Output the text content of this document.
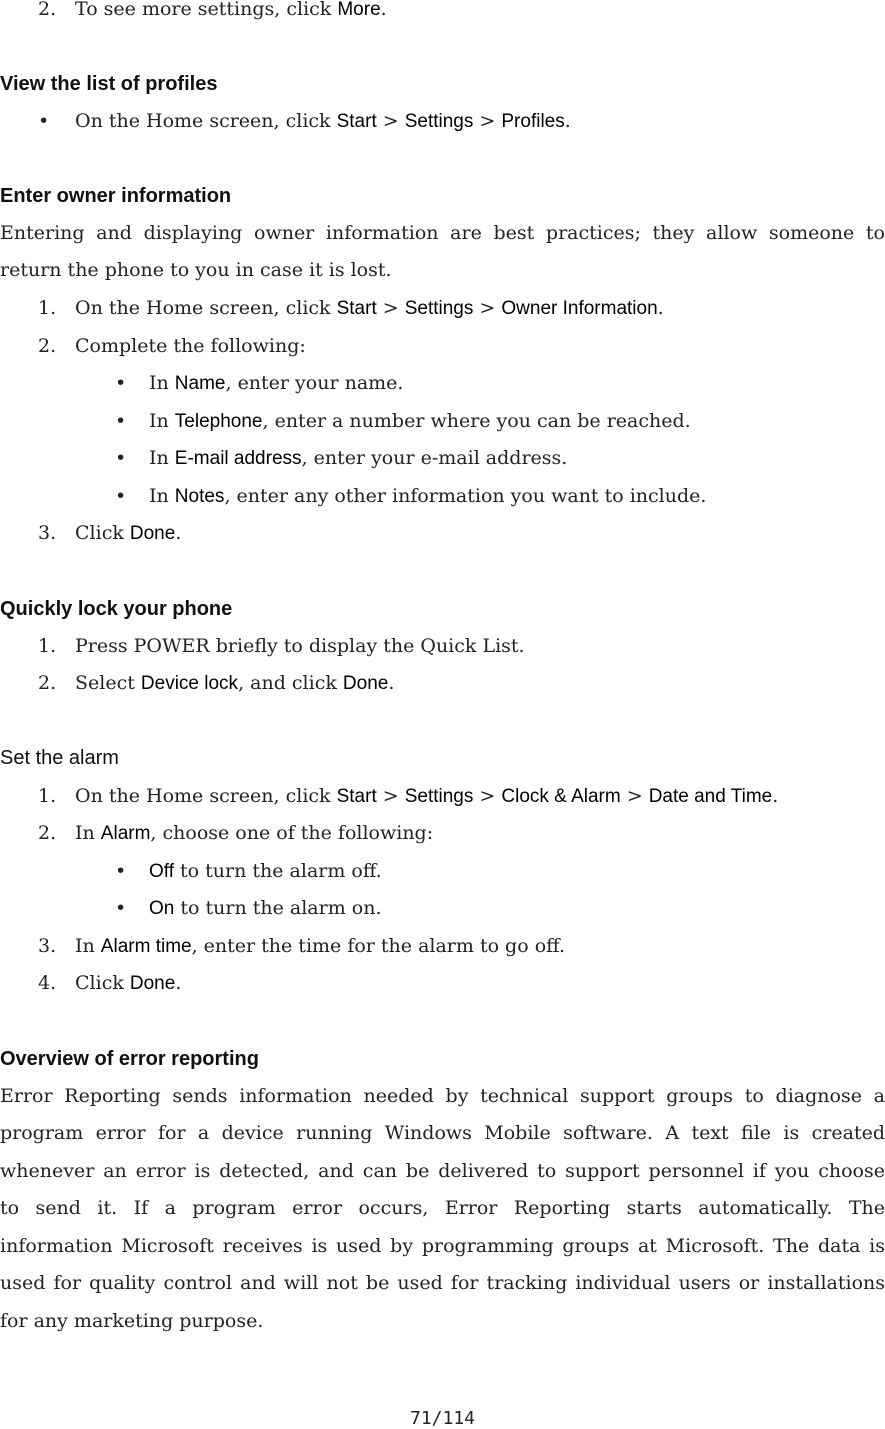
2. To see more settings, click More.
View the list of profiles
• On the Home screen, click Start > Settings > Profiles.
Enter owner information
Entering and displaying owner information are best practices; they allow someone to
return the phone to you in case it is lost.
1. On the Home screen, click Start > Settings > Owner Information.
2. Complete the following:
• In Name, enter your name.
• In Telephone, enter a number where you can be reached.
• In E-mail address, enter your e-mail address.
• In Notes, enter any other information you want to include.
3. Click Done.
Quickly lock your phone
1. Press POWER briefly to display the Quick List.
2. Select Device lock, and click Done.
Set the alarm
1. On the Home screen, click Start > Settings > Clock & Alarm > Date and Time.
2. In Alarm, choose one of the following:
• Off to turn the alarm off.
• On to turn the alarm on.
3. In Alarm time, enter the time for the alarm to go off.
4. Click Done.
Overview of error reporting
Error Reporting sends information needed by technical support groups to diagnose a
program error for a device running Windows Mobile software. A text file is created
whenever an error is detected, and can be delivered to support personnel if you choose
to send it. If a program error occurs, Error Reporting starts automatically. The
information Microsoft receives is used by programming groups at Microsoft. The data is
used for quality control and will not be used for tracking individual users or installations
for any marketing purpose.
71/114
